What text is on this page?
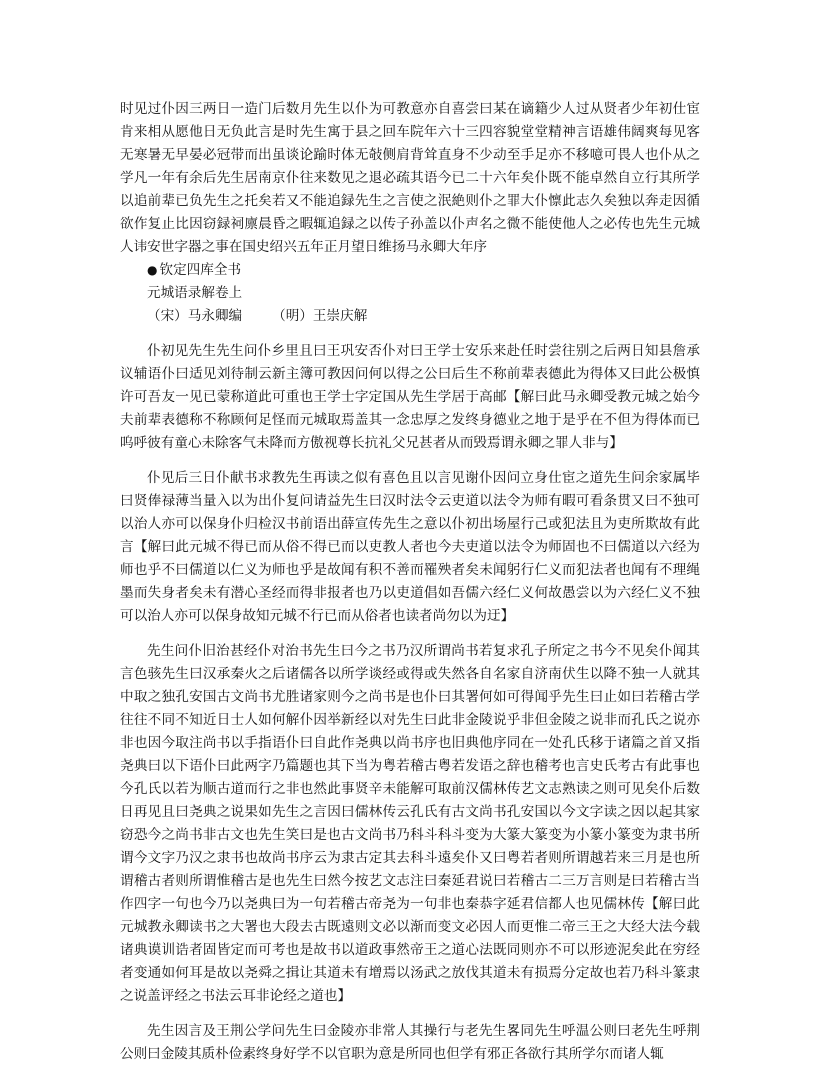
时见过仆因三两日一造门后数月先生以仆为可教意亦自喜尝曰某在谪籍少人过从贤者少年初仕宦肯来相从愿他日无负此言是时先生寓于县之回车院年六十三四容貌堂堂精神言语雄伟阔爽每见客无寒暑无早晏必冠带而出虽谈论踰时体无敧侧肩背耸直身不少动至手足亦不移噫可畏人也仆从之学凡一年有余后先生居南京仆往来数见之退必疏其语今已二十六年矣仆既不能卓然自立行其所学以追前辈已负先生之托矣若又不能追録先生之言使之泯絶则仆之罪大仆懔此志久矣独以奔走因循欲作复止比因窃録祠廪晨昏之暇辄追録之以传子孙盖以仆声名之微不能使他人之必传也先生元城人讳安世字器之事在国史绍兴五年正月望日维扬马永卿大年序

● 钦定四库全书

元城语录解卷上

（宋）马永卿编 （明）王崇庆解

仆初见先生先生问仆乡里且曰王巩安否仆对曰王学士安乐来赴任时尝往别之后两日知县詹承议辅语仆曰适见刘待制云新主簿可教因问何以得之公曰后生不称前辈表德此为得体又曰此公极慎许可吾友一见已蒙称道此可重也王学士字定国从先生学居于高邮【解曰此马永卿受教元城之始今夫前辈表德称不称顾何足怪而元城取焉盖其一念忠厚之发终身德业之地于是乎在不但为得体而已呜呼彼有童心未除客气未降而方傲视尊长抗礼父兄甚者从而毁焉谓永卿之罪人非与】

仆见后三日仆献书求教先生再读之似有喜色且以言见谢仆因问立身仕宦之道先生问余家属毕曰贤俸禄薄当量入以为出仆复问请益先生曰汉时法令云吏道以法令为师有暇可看条贯又曰不独可以治人亦可以保身仆归检汉书前语出薛宣传先生之意以仆初出场屋行己或犯法且为吏所欺故有此言【解曰此元城不得已而从俗不得已而以吏教人者也今夫吏道以法令为师固也不曰儒道以六经为师也乎不曰儒道以仁义为师也乎是故闻有积不善而罹殃者矣未闻躬行仁义而犯法者也闻有不理绳墨而失身者矣未有潜心圣经而得非报者也乃以吏道倡如吾儒六经仁义何故愚尝以为六经仁义不独可以治人亦可以保身故知元城不行已而从俗者也读者尚勿以为迂】

先生问仆旧治甚经仆对治书先生曰今之书乃汉所谓尚书若复求孔子所定之书今不见矣仆闻其言色骇先生曰汉承秦火之后诸儒各以所学谈经或得或失然各自名家自济南伏生以降不独一人就其中取之独孔安国古文尚书尤胜诸家则今之尚书是也仆曰其署何如可得闻乎先生曰止如曰若稽古学往往不同不知近日士人如何解仆因举新经以对先生曰此非金陵说乎非但金陵之说非而孔氏之说亦非也因今取注尚书以手指语仆曰自此作尧典以尚书序也旧典他序同在一处孔氏移于诸篇之首又指尧典曰以下语仆曰此两字乃篇题也其下当为粤若稽古粤若发语之辞也稽考也言史氏考古有此事也今孔氏以若为顺古道而行之非也然此事贤辛未能解可取前汉儒林传艺文志熟读之则可见矣仆后数日再见且曰尧典之说果如先生之言因曰儒林传云孔氏有古文尚书孔安国以今文字读之因以起其家窃恐今之尚书非古文也先生笑曰是也古文尚书乃科斗科斗变为大篆大篆变为小篆小篆变为隶书所谓今文字乃汉之隶书也故尚书序云为隶古定其去科斗遠矣仆又曰粤若者则所谓越若来三月是也所谓稽古者则所谓惟稽古是也先生曰然今按艺文志注曰秦延君说曰若稽古二三万言则是曰若稽古当作四字一句也今乃以尧典曰为一句若稽古帝尧为一句非也秦恭字延君信都人也见儒林传【解曰此元城教永卿读书之大署也大段去古既遠则文必以渐而变文必因人而更惟二帝三王之大经大法今载诸典谟训诰者固皆定而可考也是故书以道政事然帝王之道心法既同则亦不可以形迹泥矣此在穷经者变通如何耳是故以尧舜之揖让其道未有增焉以汤武之放伐其道未有损焉分定故也若乃科斗篆隶之说盖评经之书法云耳非论经之道也】

先生因言及王荆公学问先生曰金陵亦非常人其操行与老先生畧同先生呼温公则曰老先生呼荆公则曰金陵其质朴俭素终身好学不以官职为意是所同也但学有邪正各欲行其所学尔而诸人辄
